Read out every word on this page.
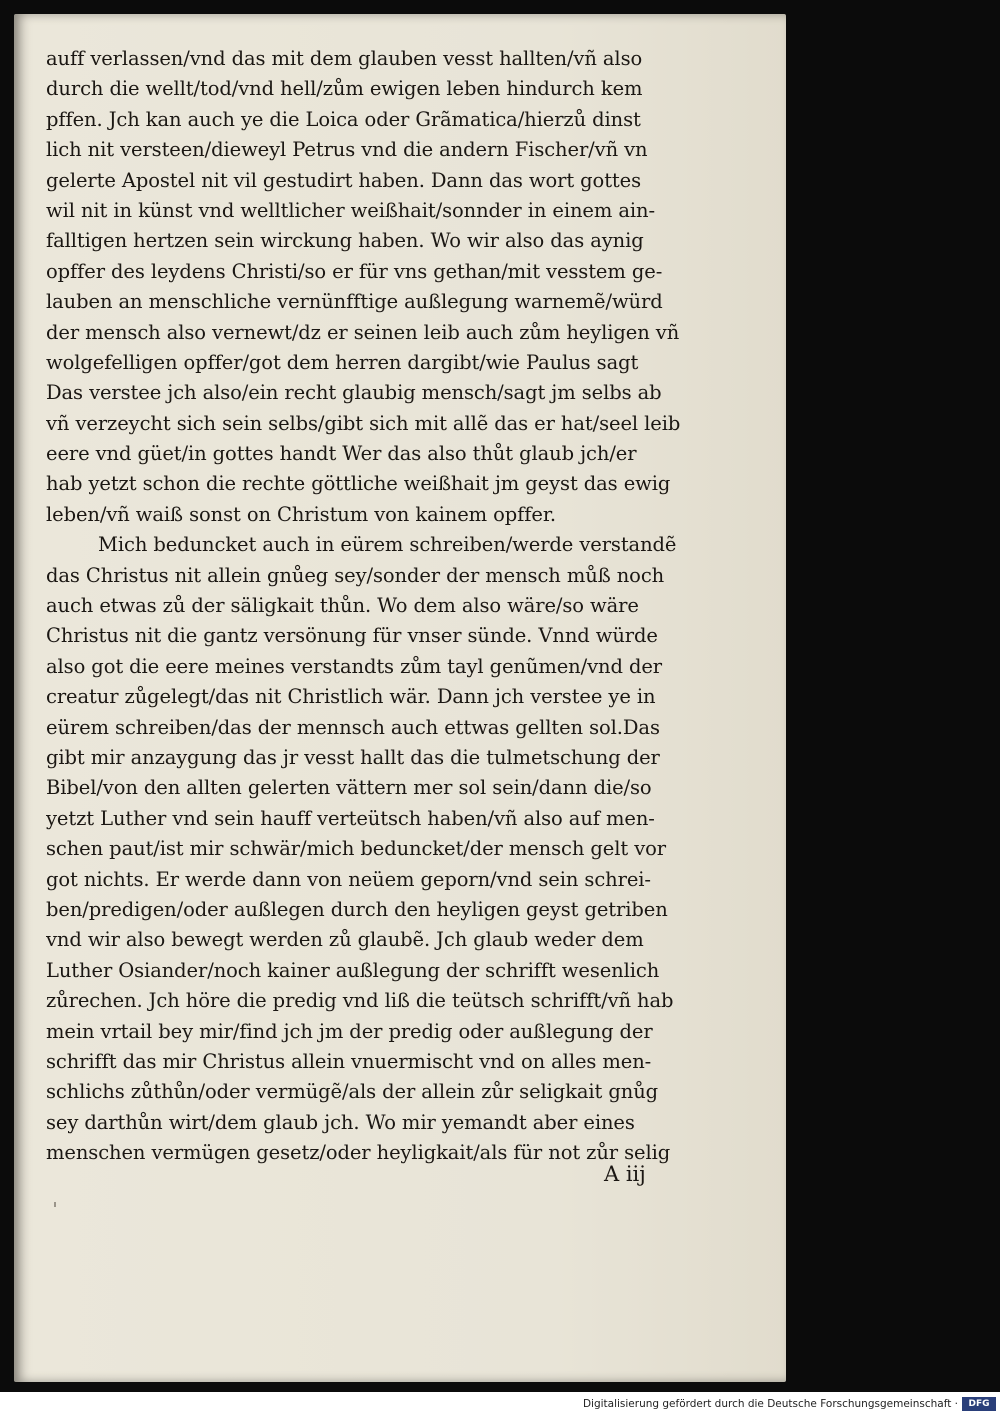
auff verlassen/vnd das mit dem glauben vesst hallten/vñ also
durch die wellt/tod/vnd hell/zům ewigen leben hindurch kem
pffen. Jch kan auch ye die Loica oder Grãmatica/hierzů dinst
lich nit versteen/dieweyl Petrus vnd die andern Fischer/vñ vn
gelerte Apostel nit vil gestudirt haben. Dann das wort gottes
wil nit in künst vnd welltlicher weißhait/sonnder in einem ain-
falltigen hertzen sein wirckung haben. Wo wir also das aynig
opffer des leydens Christi/so er für vns gethan/mit vesstem ge-
lauben an menschliche vernünfftige außlegung warnemẽ/würd
der mensch also vernewt/dz er seinen leib auch zům heyligen vñ
wolgefelligen opffer/got dem herren dargibt/wie Paulus sagt
Das verstee jch also/ein recht glaubig mensch/sagt jm selbs ab
vñ verzeycht sich sein selbs/gibt sich mit allẽ das er hat/seel leib
eere vnd güet/in gottes handt Wer das also thůt glaub jch/er
hab yetzt schon die rechte göttliche weißhait jm geyst das ewig
leben/vñ waiß sonst on Christum von kainem opffer.
Mich beduncket auch in eürem schreiben/werde verstandẽ
das Christus nit allein gnůeg sey/sonder der mensch můß noch
auch etwas zů der säligkait thůn. Wo dem also wäre/so wäre
Christus nit die gantz versönung für vnser sünde. Vnnd würde
also got die eere meines verstandts zům tayl genũmen/vnd der
creatur zůgelegt/das nit Christlich wär. Dann jch verstee ye in
eürem schreiben/das der mennsch auch ettwas gellten sol.Das
gibt mir anzaygung das jr vesst hallt das die tulmetschung der
Bibel/von den allten gelerten vättern mer sol sein/dann die/so
yetzt Luther vnd sein hauff verteütsch haben/vñ also auf men-
schen paut/ist mir schwär/mich beduncket/der mensch gelt vor
got nichts. Er werde dann von neüem geporn/vnd sein schrei-
ben/predigen/oder außlegen durch den heyligen geyst getriben
vnd wir also bewegt werden zů glaubẽ. Jch glaub weder dem
Luther Osiander/noch kainer außlegung der schrifft wesenlich
zůrechen. Jch höre die predig vnd liß die teütsch schrifft/vñ hab
mein vrtail bey mir/find jch jm der predig oder außlegung der
schrifft das mir Christus allein vnuermischt vnd on alles men-
schlichs zůthůn/oder vermügẽ/als der allein zůr seligkait gnůg
sey darthůn wirt/dem glaub jch. Wo mir yemandt aber eines
menschen vermügen gesetz/oder heyligkait/als für not zůr selig
A iij
Digitalisierung gefördert durch die Deutsche Forschungsgemeinschaft ·	DFG
